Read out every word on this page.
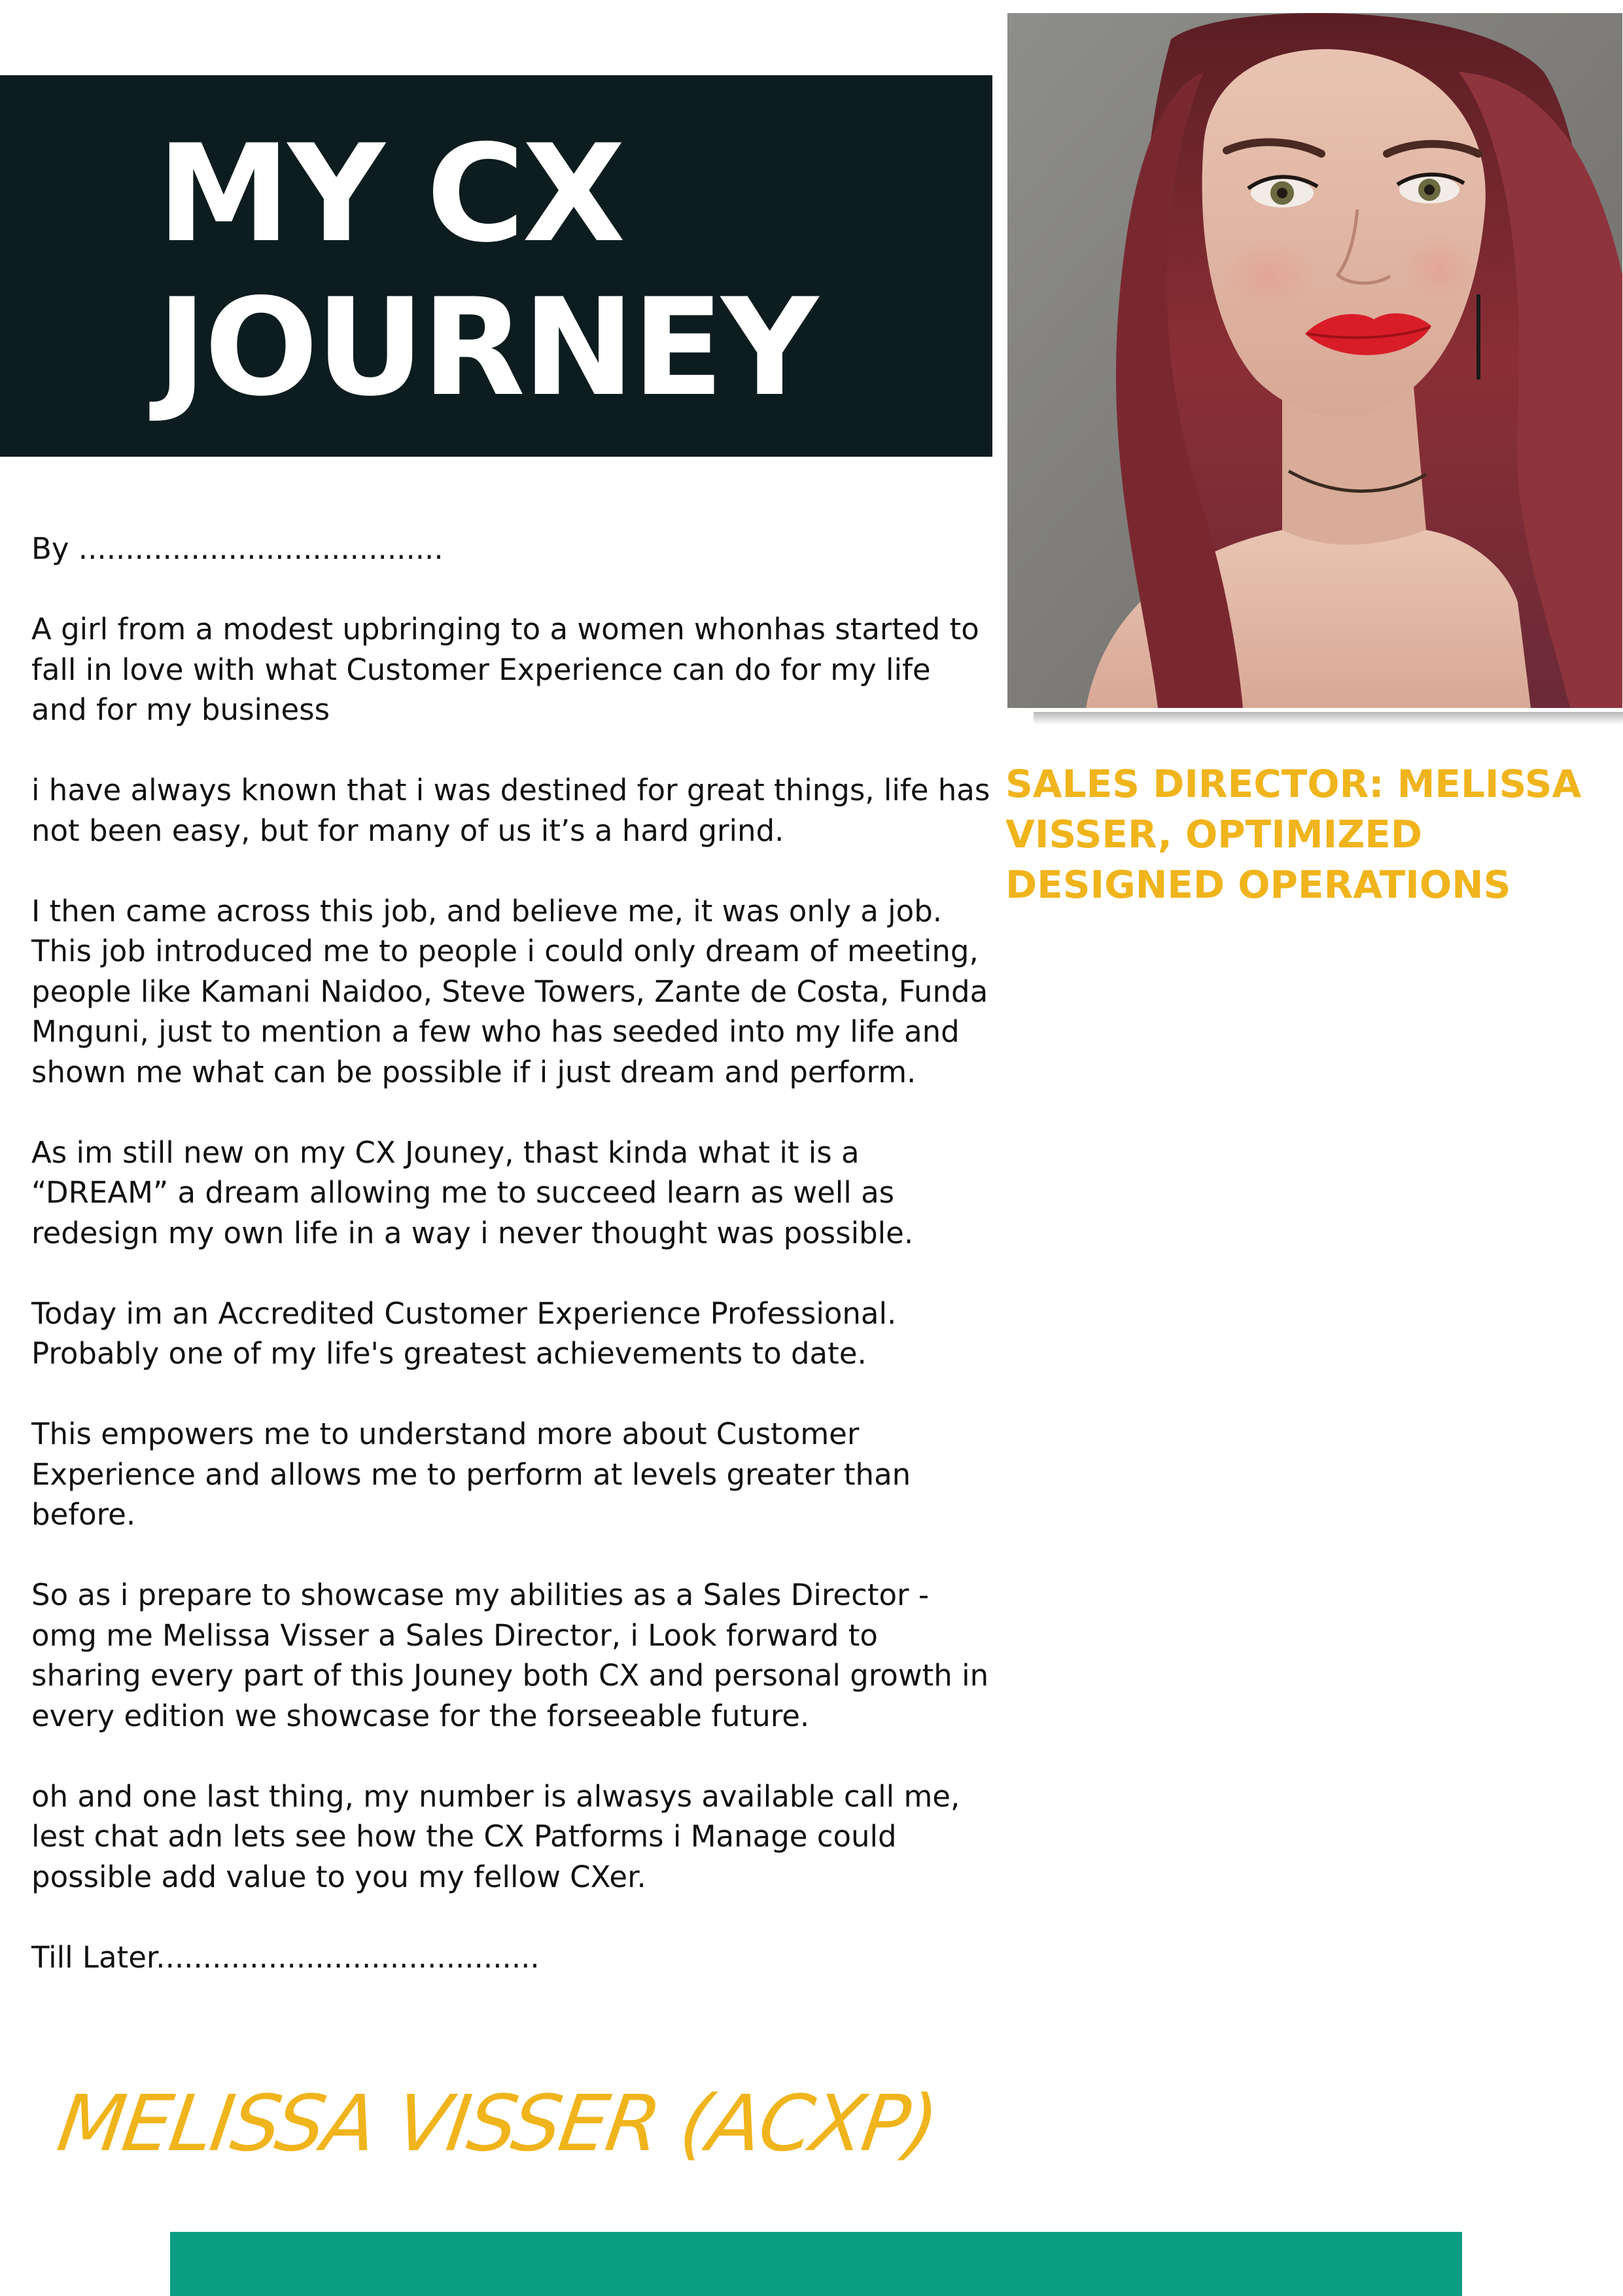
MY CX
JOURNEY
SALES DIRECTOR: MELISSA VISSER, OPTIMIZED DESIGNED OPERATIONS

By .......................................

A girl from a modest upbringing to a women whonhas started to fall in love with what Customer Experience can do for my life and for my business

i have always known that i was destined for great things, life has not been easy, but for many of us it’s a hard grind.

I then came across this job, and believe me, it was only a job. This job introduced me to people i could only dream of meeting, people like Kamani Naidoo, Steve Towers, Zante de Costa, Funda Mnguni, just to mention a few who has seeded into my life and shown me what can be possible if i just dream and perform.

As im still new on my CX Jouney, thast kinda what it is a “DREAM” a dream allowing me to succeed learn as well as redesign my own life in a way i never thought was possible.

Today im an Accredited Customer Experience Professional. Probably one of my life's greatest achievements to date.

This empowers me to understand more about Customer Experience and allows me to perform at levels greater than before.

So as i prepare to showcase my abilities as a Sales Director - omg me Melissa Visser a Sales Director, i Look forward to sharing every part of this Jouney both CX and personal growth in every edition we showcase for the forseeable future.

oh and one last thing, my number is alwasys available call me, lest chat adn lets see how the CX Patforms i Manage could possible add value to you my fellow CXer.

Till Later.........................................

MELISSA VISSER (ACXP)
